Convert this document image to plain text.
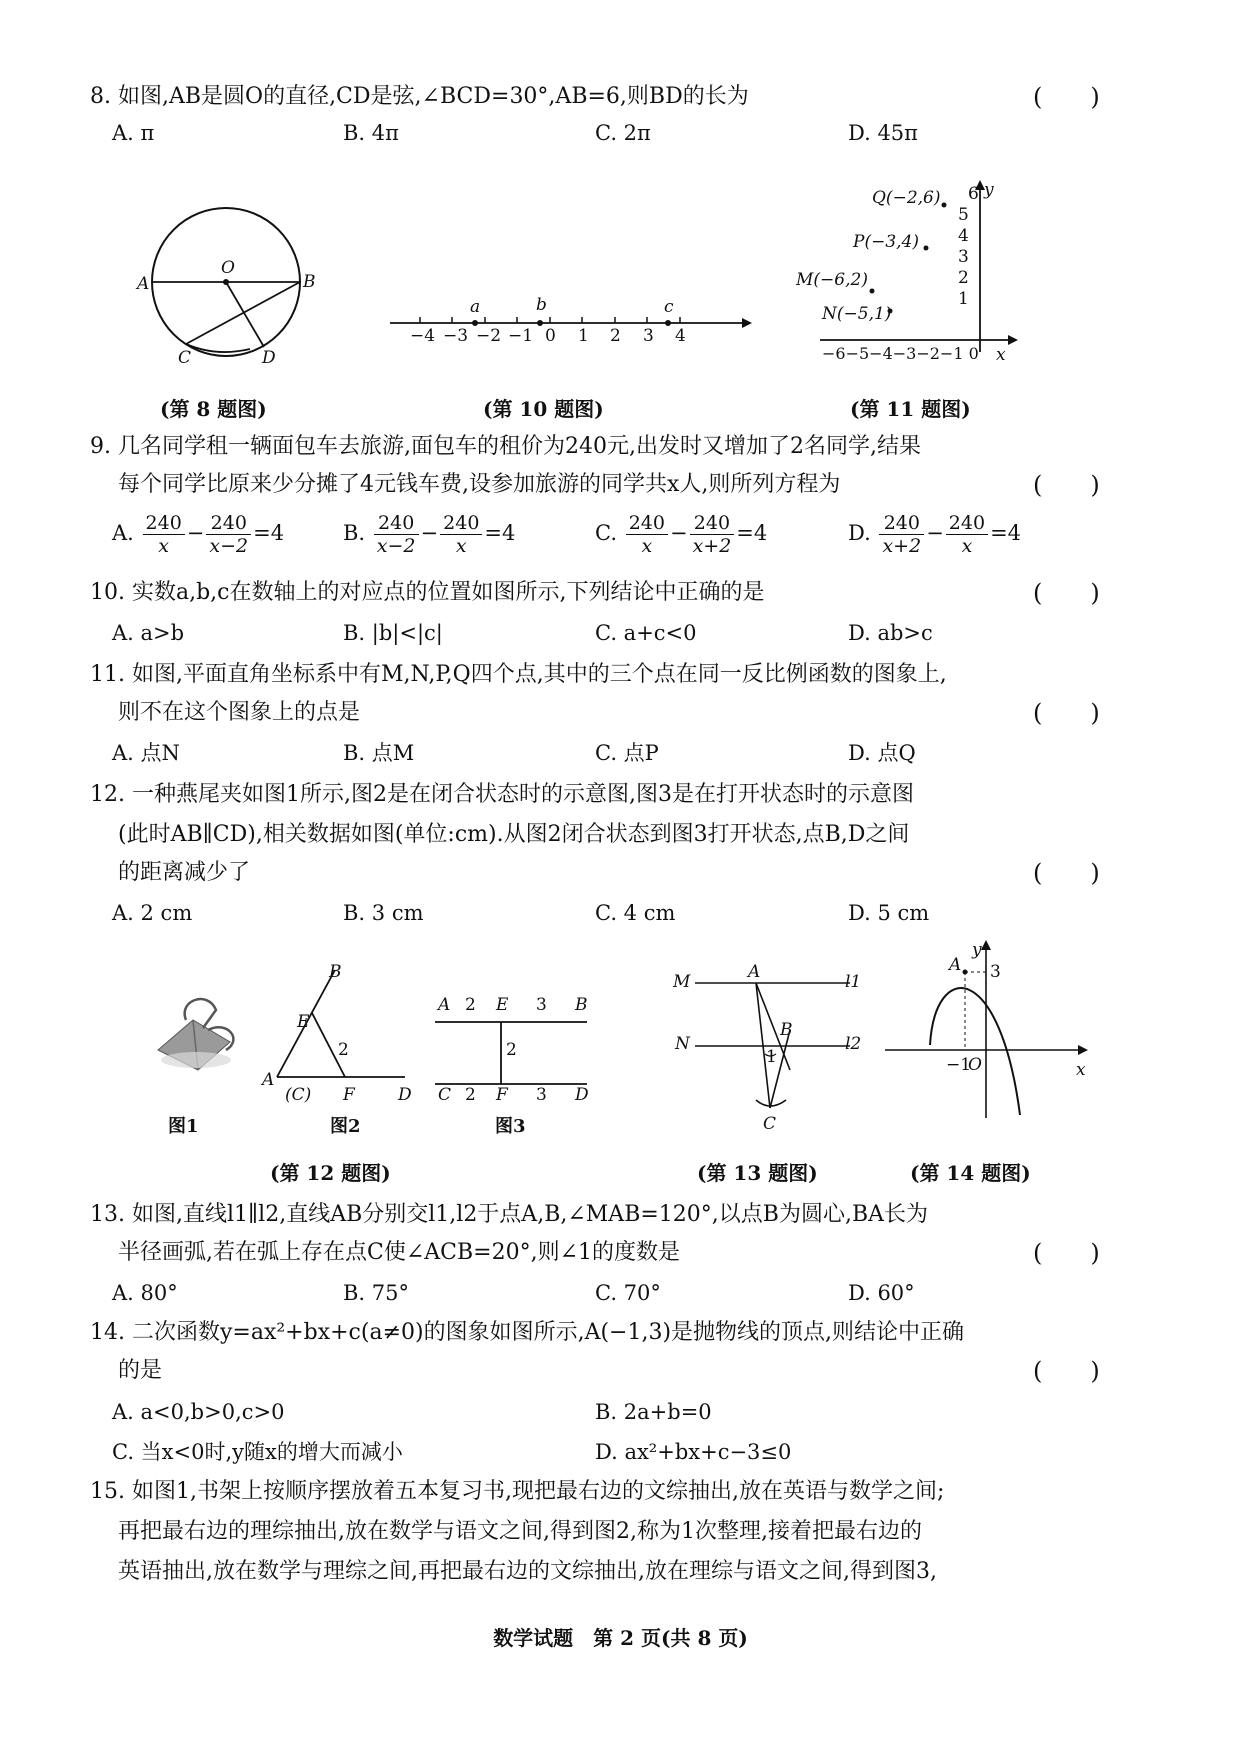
8. 如图,AB是圆O的直径,CD是弦,∠BCD=30°,AB=6,则BD的长为	(　　)
A. π	B. 4π	C. 2π	D. 45π
A
O
B
C	D
(第 8 题图)
−4 −3 −2 −1 0 1 2 3 4
a	b	c
(第 10 题图)
Q(−2,6)
P(−3,4)
M(−6,2)
N(−5,1)
6
5
4
3
2
1
−6−5−4−3−2−1 0 x
y
(第 11 题图)
9. 几名同学租一辆面包车去旅游,面包车的租价为240元,出发时又增加了2名同学,结果
每个同学比原来少分摊了4元钱车费,设参加旅游的同学共x人,则所列方程为	(　　)
A. $\frac{240}{x} - \frac{240}{x-2} =4$	B. $\frac{240}{x-2} - \frac{240}{x} =4$	C. $\frac{240}{x} - \frac{240}{x+2} =4$	D. $\frac{240}{x+2} - \frac{240}{x} =4$
10. 实数a,b,c在数轴上的对应点的位置如图所示,下列结论中正确的是	(　　)
A. a>b	B. |b|<|c|	C. a+c<0	D. ab>c
11. 如图,平面直角坐标系中有M,N,P,Q四个点,其中的三个点在同一反比例函数的图象上,
则不在这个图象上的点是	(　　)
A. 点N	B. 点M	C. 点P	D. 点Q
12. 一种燕尾夹如图1所示,图2是在闭合状态时的示意图,图3是在打开状态时的示意图
(此时AB∥CD),相关数据如图(单位:cm).从图2闭合状态到图3打开状态,点B,D之间
的距离减少了	(　　)
A. 2 cm	B. 3 cm	C. 4 cm	D. 5 cm
图1
B
E
2
A
(C) F	D
图2
A 2 E 3 B
2
C 2 F 3 D
图3
(第 12 题图)
M	A	l1
N
B
l2
1
C
(第 13 题图)
A
y
3
−1
O	x
(第 14 题图)
13. 如图,直线l1∥l2,直线AB分别交l1,l2于点A,B,∠MAB=120°,以点B为圆心,BA长为
半径画弧,若在弧上存在点C使∠ACB=20°,则∠1的度数是	(　　)
A. 80°	B. 75°	C. 70°	D. 60°
14. 二次函数y=ax²+bx+c(a≠0)的图象如图所示,A(−1,3)是抛物线的顶点,则结论中正确
的是	(　　)
A. a<0,b>0,c>0	B. 2a+b=0
C. 当x<0时,y随x的增大而减小	D. ax²+bx+c−3≤0
15. 如图1,书架上按顺序摆放着五本复习书,现把最右边的文综抽出,放在英语与数学之间;
再把最右边的理综抽出,放在数学与语文之间,得到图2,称为1次整理,接着把最右边的
英语抽出,放在数学与理综之间,再把最右边的文综抽出,放在理综与语文之间,得到图3,
数学试题　第 2 页(共 8 页)
